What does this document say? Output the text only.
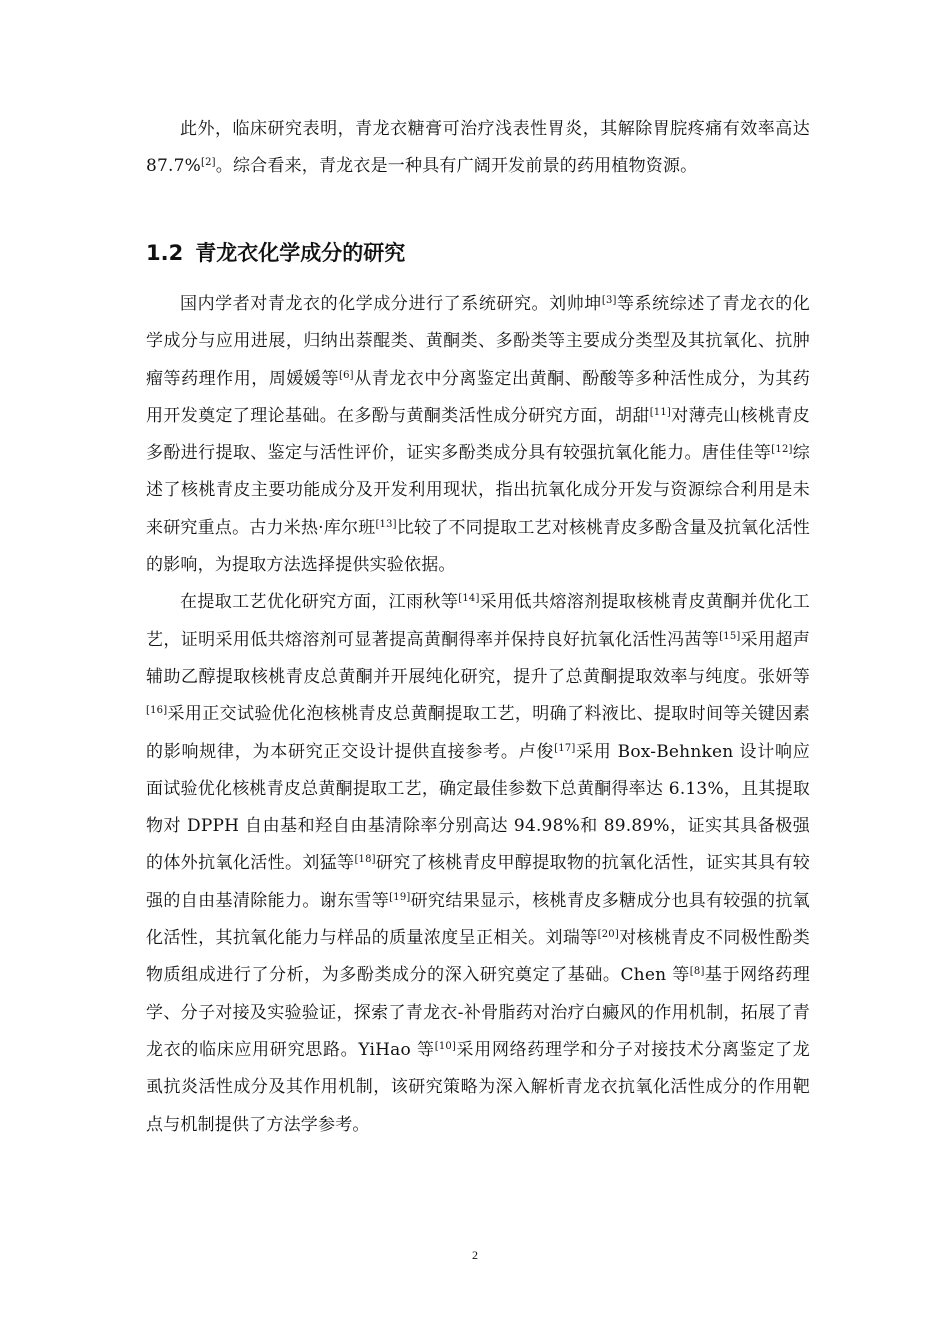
此外，临床研究表明，青龙衣糖膏可治疗浅表性胃炎，其解除胃脘疼痛有效率高达 87.7%[2]。综合看来，青龙衣是一种具有广阔开发前景的药用植物资源。

1.2 青龙衣化学成分的研究

国内学者对青龙衣的化学成分进行了系统研究。刘帅坤[3]等系统综述了青龙衣的化学成分与应用进展，归纳出萘醌类、黄酮类、多酚类等主要成分类型及其抗氧化、抗肿瘤等药理作用，周媛媛等[6]从青龙衣中分离鉴定出黄酮、酚酸等多种活性成分，为其药用开发奠定了理论基础。在多酚与黄酮类活性成分研究方面，胡甜[11]对薄壳山核桃青皮多酚进行提取、鉴定与活性评价，证实多酚类成分具有较强抗氧化能力。唐佳佳等[12]综述了核桃青皮主要功能成分及开发利用现状，指出抗氧化成分开发与资源综合利用是未来研究重点。古力米热·库尔班[13]比较了不同提取工艺对核桃青皮多酚含量及抗氧化活性的影响，为提取方法选择提供实验依据。

在提取工艺优化研究方面，江雨秋等[14]采用低共熔溶剂提取核桃青皮黄酮并优化工艺，证明采用低共熔溶剂可显著提高黄酮得率并保持良好抗氧化活性冯茜等[15]采用超声辅助乙醇提取核桃青皮总黄酮并开展纯化研究，提升了总黄酮提取效率与纯度。张妍等[16]采用正交试验优化泡核桃青皮总黄酮提取工艺，明确了料液比、提取时间等关键因素的影响规律，为本研究正交设计提供直接参考。卢俊[17]采用 Box-Behnken 设计响应面试验优化核桃青皮总黄酮提取工艺，确定最佳参数下总黄酮得率达 6.13%，且其提取物对 DPPH 自由基和羟自由基清除率分别高达 94.98%和 89.89%，证实其具备极强的体外抗氧化活性。刘猛等[18]研究了核桃青皮甲醇提取物的抗氧化活性，证实其具有较强的自由基清除能力。谢东雪等[19]研究结果显示，核桃青皮多糖成分也具有较强的抗氧化活性，其抗氧化能力与样品的质量浓度呈正相关。刘瑞等[20]对核桃青皮不同极性酚类物质组成进行了分析，为多酚类成分的深入研究奠定了基础。Chen 等[8]基于网络药理学、分子对接及实验验证，探索了青龙衣-补骨脂药对治疗白癜风的作用机制，拓展了青龙衣的临床应用研究思路。YiHao 等[10]采用网络药理学和分子对接技术分离鉴定了龙虱抗炎活性成分及其作用机制，该研究策略为深入解析青龙衣抗氧化活性成分的作用靶点与机制提供了方法学参考。

2
